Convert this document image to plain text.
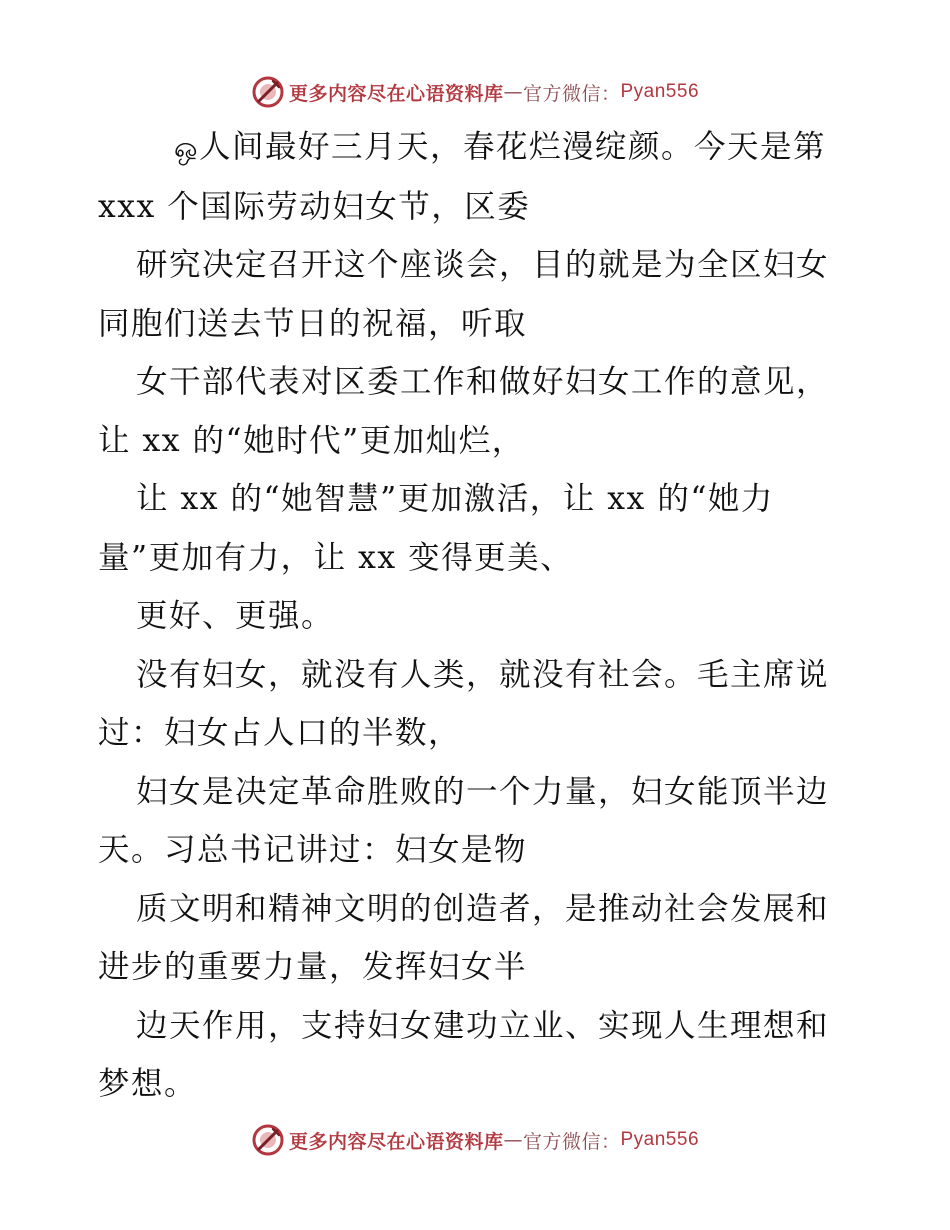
更多内容尽在心语资料库 — 官方微信： Pyan556

ஒ人间最好三月天，春花烂漫绽颜。今天是第
xxx 个国际劳动妇女节，区委

研究决定召开这个座谈会，目的就是为全区妇女
同胞们送去节日的祝福，听取

女干部代表对区委工作和做好妇女工作的意见，
让 xx 的“她时代”更加灿烂，

让 xx 的“她智慧”更加激活，让 xx 的“她力
量”更加有力，让 xx 变得更美、

更好、更强。

没有妇女，就没有人类，就没有社会。毛主席说
过：妇女占人口的半数，

妇女是决定革命胜败的一个力量，妇女能顶半边
天。习总书记讲过：妇女是物

质文明和精神文明的创造者，是推动社会发展和
进步的重要力量，发挥妇女半

边天作用，支持妇女建功立业、实现人生理想和
梦想。

更多内容尽在心语资料库 — 官方微信： Pyan556
